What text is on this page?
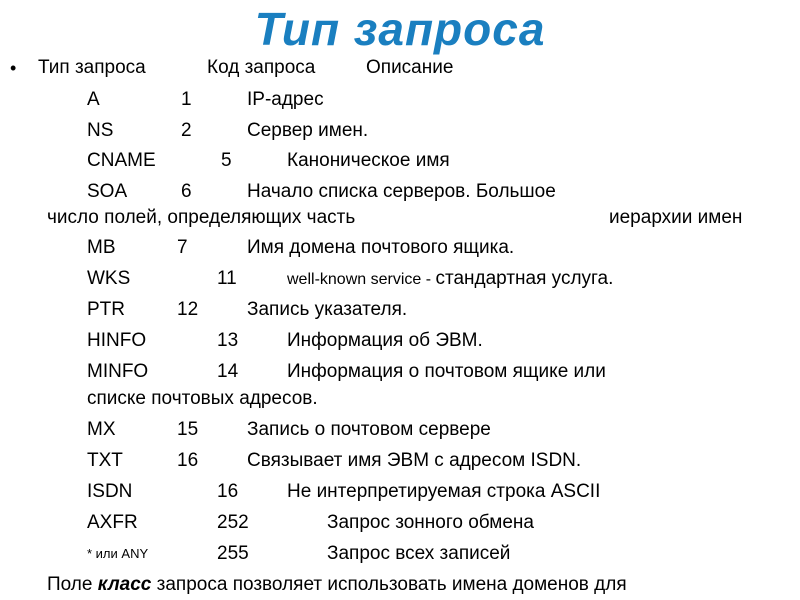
Тип запроса
• Тип запроса	Код запроса	Описание
A	1	IP-адрес
NS	2	Сервер имен.
CNAME	5	Каноническое имя
SOA	6	Начало списка серверов. Большое
число полей, определяющих часть	иерархии имен
MB	7	Имя домена почтового ящика.
WKS	11	well-known service - стандартная услуга.
PTR	12	Запись указателя.
HINFO	13	Информация об ЭВМ.
MINFO	14	Информация о почтовом ящике или
списке почтовых адресов.
MX	15	Запись о почтовом сервере
TXT	16	Связывает имя ЭВМ с адресом ISDN.
ISDN	16	Не интерпретируемая строка ASCII
AXFR	252	Запрос зонного обмена
* или ANY	255	Запрос всех записей
Поле класс запроса позволяет использовать имена доменов для
